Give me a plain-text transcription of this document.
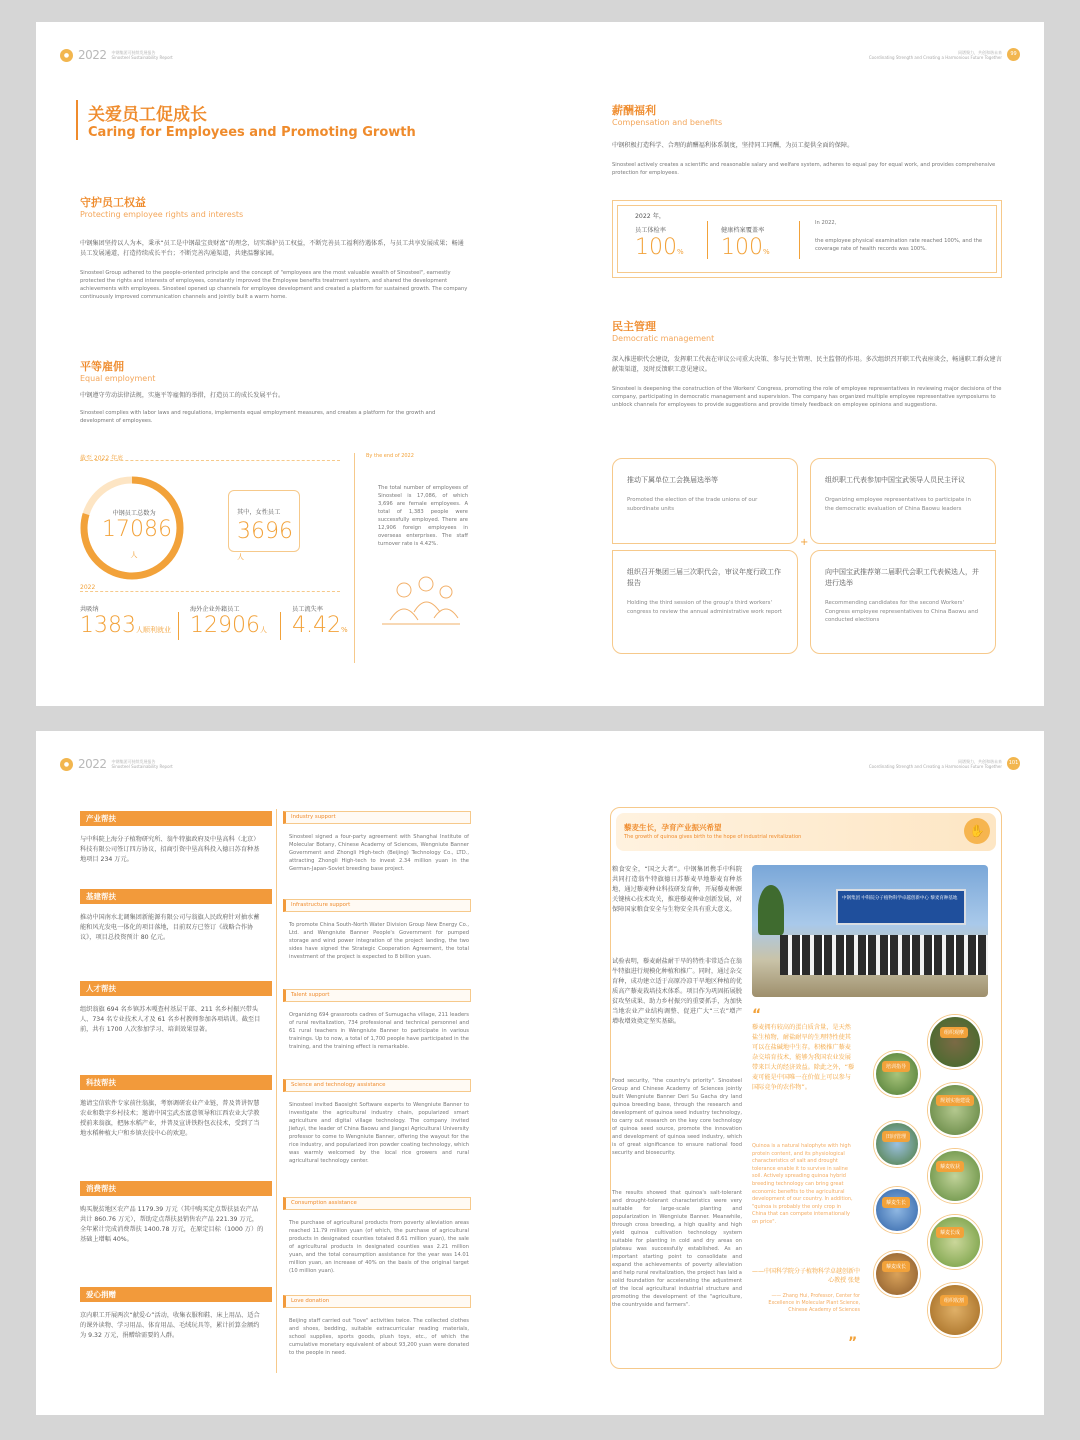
● 2022 中钢集团可持续发展报告
Sinosteel Sustainability Report
同谱聚力，共创和谐未来
Coordinating Strength and Creating a Harmonious Future Together	99
关爱员工促成长
Caring for Employees and Promoting Growth
守护员工权益
Protecting employee rights and interests
中钢集团坚持以人为本，秉承“员工是中钢最宝贵财富”的理念，切实维护员工权益，不断完善员工福利待遇体系，与员工共享发展成果；畅通员工发展通道，打造持续成长平台；不断完善沟通渠道，共建温馨家园。
Sinosteel Group adhered to the people-oriented principle and the concept of "employees are the most valuable wealth of Sinosteel", earnestly protected the rights and interests of employees, constantly improved the Employee benefits treatment system, and shared the development achievements with employees. Sinosteel opened up channels for employee development and created a platform for sustained growth. The company continuously improved communication channels and jointly built a warm home.
平等雇佣
Equal employment
中钢遵守劳动法律法规，实施平等雇佣的举措，打造员工的成长发展平台。
Sinosteel complies with labor laws and regulations, implements equal employment measures, and creates a platform for the growth and development of employees.
截至 2022 年底	By the end of 2022
中钢员工总数为
17086人
其中，女性员工
3696人
The total number of employees of Sinosteel is 17,086, of which 3,696 are female employees. A total of 1,383 people were successfully employed. There are 12,906 foreign employees in overseas enterprises. The staff turnover rate is 4.42%.
2022
共吸纳
1383人顺利就业
海外企业外籍员工
12906人
员工流失率
4.42%
薪酬福利
Compensation and benefits
中钢积极打造科学、合理的薪酬福利体系制度，坚持同工同酬，为员工提供全面的保障。
Sinosteel actively creates a scientific and reasonable salary and welfare system, adheres to equal pay for equal work, and provides comprehensive protection for employees.
2022 年，
员工体检率
100%
健康档案覆盖率
100%
In 2022,
the employee physical examination rate reached 100%, and the coverage rate of health records was 100%.
民主管理
Democratic management
深入推进职代会建设，发挥职工代表在审议公司重大决策、参与民主管理、民主监督的作用。多次组织召开职工代表座谈会，畅通职工群众建言献策渠道，及时反馈职工意见建议。
Sinosteel is deepening the construction of the Workers' Congress, promoting the role of employee representatives in reviewing major decisions of the company, participating in democratic management and supervision. The company has organized multiple employee representative symposiums to unblock channels for employees to provide suggestions and provide timely feedback on employee opinions and suggestions.
推动下属单位工会换届选举等
Promoted the election of the trade unions of our subordinate units
组织职工代表参加中国宝武领导人员民主评议
Organizing employee representatives to participate in the democratic evaluation of China Baowu leaders
+
组织召开集团三届三次职代会，审议年度行政工作报告
Holding the third session of the group's third workers' congress to review the annual administrative work report
向中国宝武推荐第二届职代会职工代表候选人，并进行选举
Recommending candidates for the second Workers' Congress employee representatives to China Baowu and conducted elections
● 2022 中钢集团可持续发展报告
Sinosteel Sustainability Report
同谱聚力，共创和谐未来
Coordinating Strength and Creating a Harmonious Future Together	101
产业帮扶
与中科院上海分子植物研究所、翁牛特旗政府及中垦高科（北京）科技有限公司签订四方协议，招商引资中垦高科投入德日苏育种基地项目 234 万元。
Industry support
Sinosteel signed a four-party agreement with Shanghai Institute of Molecular Botany, Chinese Academy of Sciences, Wengniute Banner Government and Zhongli High-tech (Beijing) Technology Co., LTD., attracting Zhongli High-tech to invest 2.34 million yuan in the German-Japan-Soviet breeding base project.
基建帮扶
推动中国南水北调集团新能源有限公司与翁旗人民政府针对抽水蓄能和风光发电一体化的项目落地，目前双方已签订《战略合作协议》，项目总投资预计 80 亿元。
Infrastructure support
To promote China South-North Water Division Group New Energy Co., Ltd. and Wengniute Banner People's Government for pumped storage and wind power integration of the project landing, the two sides have signed the Strategic Cooperation Agreement, the total investment of the project is expected to 8 billion yuan.
人才帮扶
组织翁旗 694 名乡镇苏木嘎查村基层干部、211 名乡村振兴带头人、734 名专业技术人才及 61 名乡村教师参加各项培训。截至目前，共有 1700 人次参加学习、培训效果显著。
Talent support
Organizing 694 grassroots cadres of Sumugacha village, 211 leaders of rural revitalization, 734 professional and technical personnel and 61 rural teachers in Wengniute Banner to participate in various trainings. Up to now, a total of 1,700 people have participated in the training, and the training effect is remarkable.
科技帮扶
邀请宝信软件专家前往翁旗，考察调研农业产业链，普及普讲智慧农业和数字乡村技术；邀请中国宝武杰富意领导和江西农业大学教授前来翁旗，把脉水稻产业，并普及宣讲铁粉包衣技术，受到了当地水稻种植大户和乡镇农技中心的欢迎。
Science and technology assistance
Sinosteel invited Baosight Software experts to Wengniute Banner to investigate the agricultural industry chain, popularized smart agriculture and digital village technology. The company invited Jiefuyi, the leader of China Baowu and Jiangxi Agricultural University professor to come to Wengniute Banner, offering the wayout for the rice industry, and popularized iron powder coating technology, which was warmly welcomed by the local rice growers and rural agricultural technology center.
消费帮扶
购买脱贫地区农产品 1179.39 万元（其中购买定点帮扶县农产品共计 860.76 万元），帮助定点帮扶县销售农产品 221.39 万元，全年累计完成消费帮扶 1400.78 万元，在原定目标（1000 万）的基础上增幅 40%。
Consumption assistance
The purchase of agricultural products from poverty alleviation areas reached 11.79 million yuan (of which, the purchase of agricultural products in designated counties totaled 8.61 million yuan), the sale of agricultural products in designated counties was 2.21 million yuan, and the total consumption assistance for the year was 14.01 million yuan, an increase of 40% on the basis of the original target (10 million yuan).
爱心捐赠
京内职工开展两次“献爱心”活动，收集衣服和鞋、床上用品、适合的课外读物、学习用品、体育用品、毛绒玩具等，累计折算金额约为 9.32 万元，捐赠给需要的人群。
Love donation
Beijing staff carried out "love" activities twice. The collected clothes and shoes, bedding, suitable extracurricular reading materials, school supplies, sports goods, plush toys, etc., of which the cumulative monetary equivalent of about 93,200 yuan were donated to the people in need.
藜麦生长，孕育产业振兴希望
The growth of quinoa gives birth to the hope of industrial revitalization	✋
粮食安全，“国之大者”。中钢集团携手中科院共同打造翁牛特旗德日苏藜麦旱地藜麦育种基地，通过藜麦种业科技研发育种，开展藜麦种源关键核心技术攻关，推进藜麦种业创新发展，对保障国家粮食安全与生物安全具有重大意义。
试验表明，藜麦耐盐耐干旱的特性非常适合在翁牛特旗进行规模化种植和推广。同时，通过杂交育种，成功建立适于高原冷凉干旱地区种植的优质高产藜麦栽培技术体系。项目作为巩固拓展脱贫攻坚成果、助力乡村振兴的重要抓手，为加快当地农业产业结构调整、促进广大“三农”增产增收增效奠定坚实基础。
Food security, "the country's priority". Sinosteel Group and Chinese Academy of Sciences jointly built Wengniute Banner Deri Su Gacha dry land quinoa breeding base, through the research and development of quinoa seed industry technology, to carry out research on the key core technology of quinoa seed source, promote the innovation and development of quinoa seed industry, which is of great significance to ensure national food security and biosecurity.
The results showed that quinoa's salt-tolerant and drought-tolerant characteristics were very suitable for large-scale planting and popularization in Wengniute Banner. Meanwhile, through cross breeding, a high quality and high yield quinoa cultivation technology system suitable for planting in cold and dry areas on plateau was successfully established. As an important starting point to consolidate and expand the achievements of poverty alleviation and help rural revitalization, the project has laid a solid foundation for accelerating the adjustment of the local agricultural industrial structure and promoting the development of the "agriculture, the countryside and farmers".
中钢集团 中科院分子植物科学卓越创新中心 藜麦育种基地
“
藜麦拥有较高的蛋白质含量，是天然盐生植物，耐盐耐旱的生理特性使其可以在盐碱地中生存。积极推广藜麦杂交培育技术，能够为我国农业发展带来巨大的经济效益。除此之外，“藜麦可能是中国唯一在价值上可以参与国际竞争的农作物”。
Quinoa is a natural halophyte with high protein content, and its physiological characteristics of salt and drought tolerance enable it to survive in saline soil. Actively spreading quinoa hybrid breeding technology can bring great economic benefits to the agricultural development of our country. In addition, "quinoa is probably the only crop in China that can compete internationally on price".
——中国科学院分子植物科学卓越创新中心教授 张楚
—— Zhang Hui, Professor, Center for Excellence in Molecular Plant Science, Chinese Academy of Sciences
”
组织观摩
培训指导
规划实施建设
田间管理
藜麦收获
藜麦生长
藜麦长成
藜麦成长
组织收割
